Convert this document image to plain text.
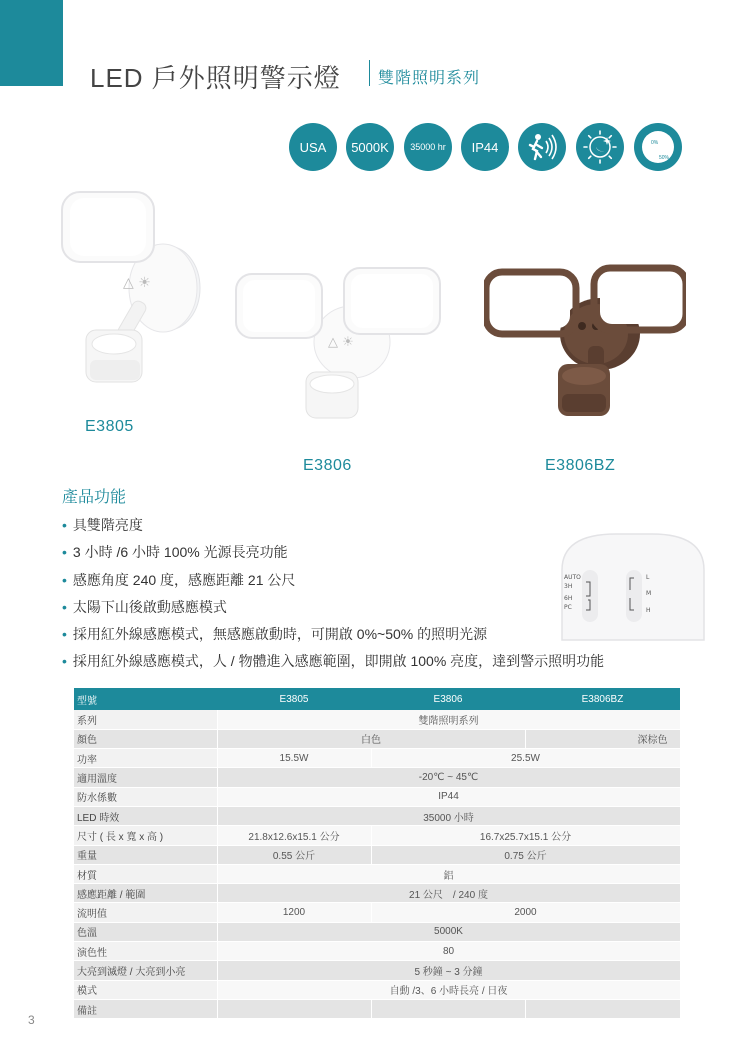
LED 戶外照明警示燈 雙階照明系列
USA	5000K	35000 hr	IP44	0%
50%
△ ☀
△ ☀
E3805
E3806	E3806BZ
產品功能
• 具雙階亮度
• 3 小時 /6 小時 100% 光源長亮功能
• 感應角度 240 度，感應距離 21 公尺
• 太陽下山後啟動感應模式
• 採用紅外線感應模式，無感應啟動時，可開啟 0%~50% 的照明光源
• 採用紅外線感應模式，人 / 物體進入感應範圍，即開啟 100% 亮度，達到警示照明功能
AUTO
3H
6H
PC
L
M
H
型號	E3805	E3806	E3806BZ
系列	雙階照明系列		
顏色	白色		深棕色
功率	15.5W	25.5W	
適用溫度	-20℃ ~ 45℃		
防水係數	IP44		
LED 時效	35000 小時		
尺寸 ( 長 x 寬 x 高 )	21.8x12.6x15.1 公分	16.7x25.7x15.1 公分	
重量	0.55 公斤	0.75 公斤	
材質	鋁		
感應距離 / 範圍	21 公尺　/ 240 度		
流明值	1200	2000	
色溫	5000K		
演色性	80		
大亮到滅燈 / 大亮到小亮	5 秒鐘 ~ 3 分鐘		
模式	自動 /3、6 小時長亮 / 日夜		
備註			
3
